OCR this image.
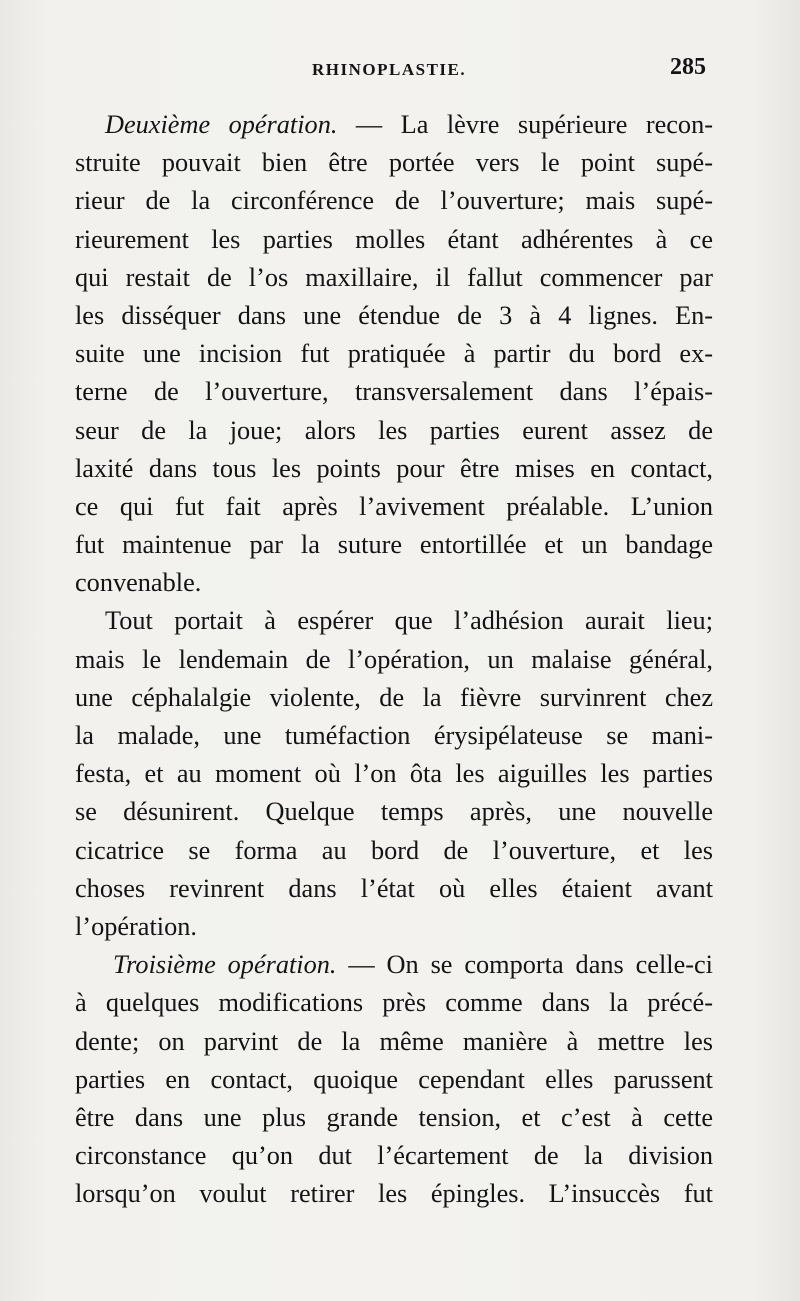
RHINOPLASTIE.	285
Deuxième opération. — La lèvre supérieure recon-
struite pouvait bien être portée vers le point supé-
rieur de la circonférence de l’ouverture; mais supé-
rieurement les parties molles étant adhérentes à ce
qui restait de l’os maxillaire, il fallut commencer par
les disséquer dans une étendue de 3 à 4 lignes. En-
suite une incision fut pratiquée à partir du bord ex-
terne de l’ouverture, transversalement dans l’épais-
seur de la joue; alors les parties eurent assez de
laxité dans tous les points pour être mises en contact,
ce qui fut fait après l’avivement préalable. L’union
fut maintenue par la suture entortillée et un bandage
convenable.
Tout portait à espérer que l’adhésion aurait lieu;
mais le lendemain de l’opération, un malaise général,
une céphalalgie violente, de la fièvre survinrent chez
la malade, une tuméfaction érysipélateuse se mani-
festa, et au moment où l’on ôta les aiguilles les parties
se désunirent. Quelque temps après, une nouvelle
cicatrice se forma au bord de l’ouverture, et les
choses revinrent dans l’état où elles étaient avant
l’opération.
Troisième opération. — On se comporta dans celle-ci
à quelques modifications près comme dans la précé-
dente; on parvint de la même manière à mettre les
parties en contact, quoique cependant elles parussent
être dans une plus grande tension, et c’est à cette
circonstance qu’on dut l’écartement de la division
lorsqu’on voulut retirer les épingles. L’insuccès fut
